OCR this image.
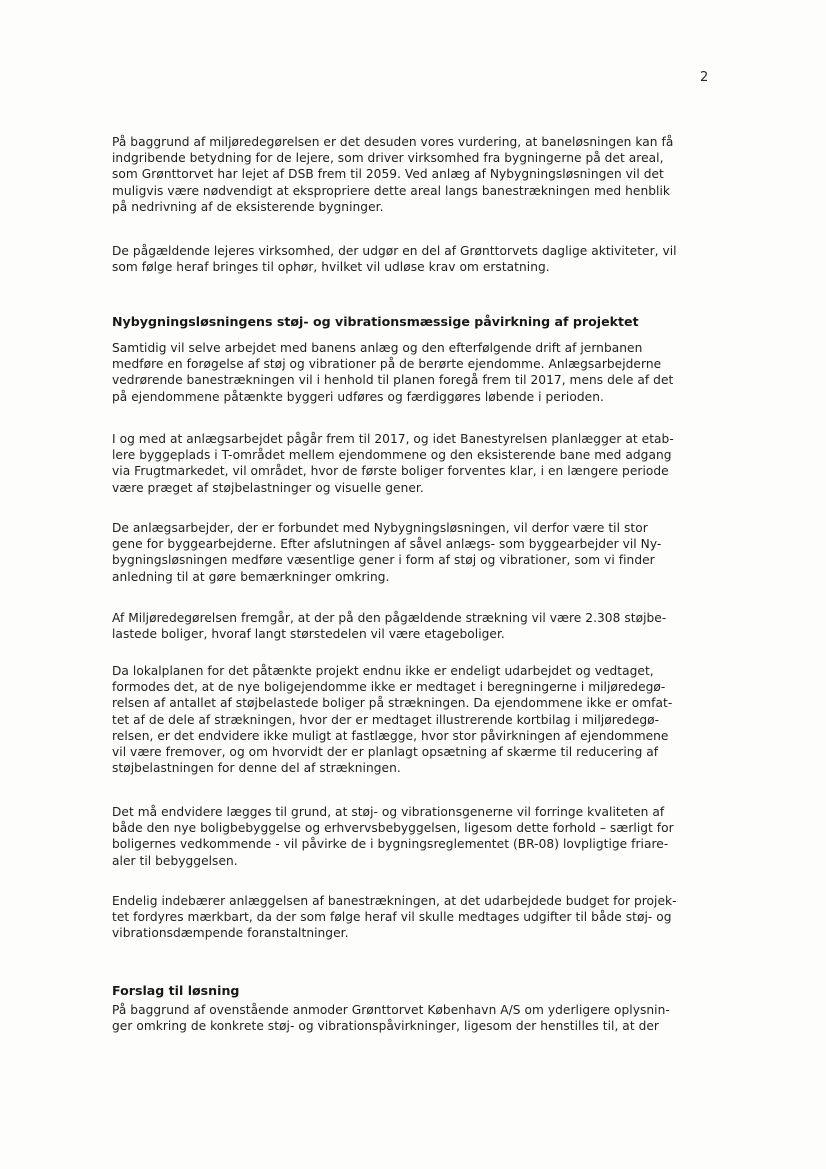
2

På baggrund af miljøredegørelsen er det desuden vores vurdering, at baneløsningen kan få
indgribende betydning for de lejere, som driver virksomhed fra bygningerne på det areal,
som Grønttorvet har lejet af DSB frem til 2059. Ved anlæg af Nybygningsløsningen vil det
muligvis være nødvendigt at ekspropriere dette areal langs banestrækningen med henblik
på nedrivning af de eksisterende bygninger.

De pågældende lejeres virksomhed, der udgør en del af Grønttorvets daglige aktiviteter, vil
som følge heraf bringes til ophør, hvilket vil udløse krav om erstatning.

Nybygningsløsningens støj- og vibrationsmæssige påvirkning af projektet

Samtidig vil selve arbejdet med banens anlæg og den efterfølgende drift af jernbanen
medføre en forøgelse af støj og vibrationer på de berørte ejendomme. Anlægsarbejderne
vedrørende banestrækningen vil i henhold til planen foregå frem til 2017, mens dele af det
på ejendommene påtænkte byggeri udføres og færdiggøres løbende i perioden.

I og med at anlægsarbejdet pågår frem til 2017, og idet Banestyrelsen planlægger at etab-
lere byggeplads i T-området mellem ejendommene og den eksisterende bane med adgang
via Frugtmarkedet, vil området, hvor de første boliger forventes klar, i en længere periode
være præget af støjbelastninger og visuelle gener.

De anlægsarbejder, der er forbundet med Nybygningsløsningen, vil derfor være til stor
gene for byggearbejderne. Efter afslutningen af såvel anlægs- som byggearbejder vil Ny-
bygningsløsningen medføre væsentlige gener i form af støj og vibrationer, som vi finder
anledning til at gøre bemærkninger omkring.

Af Miljøredegørelsen fremgår, at der på den pågældende strækning vil være 2.308 støjbe-
lastede boliger, hvoraf langt størstedelen vil være etageboliger.

Da lokalplanen for det påtænkte projekt endnu ikke er endeligt udarbejdet og vedtaget,
formodes det, at de nye boligejendomme ikke er medtaget i beregningerne i miljøredegø-
relsen af antallet af støjbelastede boliger på strækningen. Da ejendommene ikke er omfat-
tet af de dele af strækningen, hvor der er medtaget illustrerende kortbilag i miljøredegø-
relsen, er det endvidere ikke muligt at fastlægge, hvor stor påvirkningen af ejendommene
vil være fremover, og om hvorvidt der er planlagt opsætning af skærme til reducering af
støjbelastningen for denne del af strækningen.

Det må endvidere lægges til grund, at støj- og vibrationsgenerne vil forringe kvaliteten af
både den nye boligbebyggelse og erhvervsbebyggelsen, ligesom dette forhold – særligt for
boligernes vedkommende - vil påvirke de i bygningsreglementet (BR-08) lovpligtige friare-
aler til bebyggelsen.

Endelig indebærer anlæggelsen af banestrækningen, at det udarbejdede budget for projek-
tet fordyres mærkbart, da der som følge heraf vil skulle medtages udgifter til både støj- og
vibrationsdæmpende foranstaltninger.

Forslag til løsning

På baggrund af ovenstående anmoder Grønttorvet København A/S om yderligere oplysnin-
ger omkring de konkrete støj- og vibrationspåvirkninger, ligesom der henstilles til, at der
